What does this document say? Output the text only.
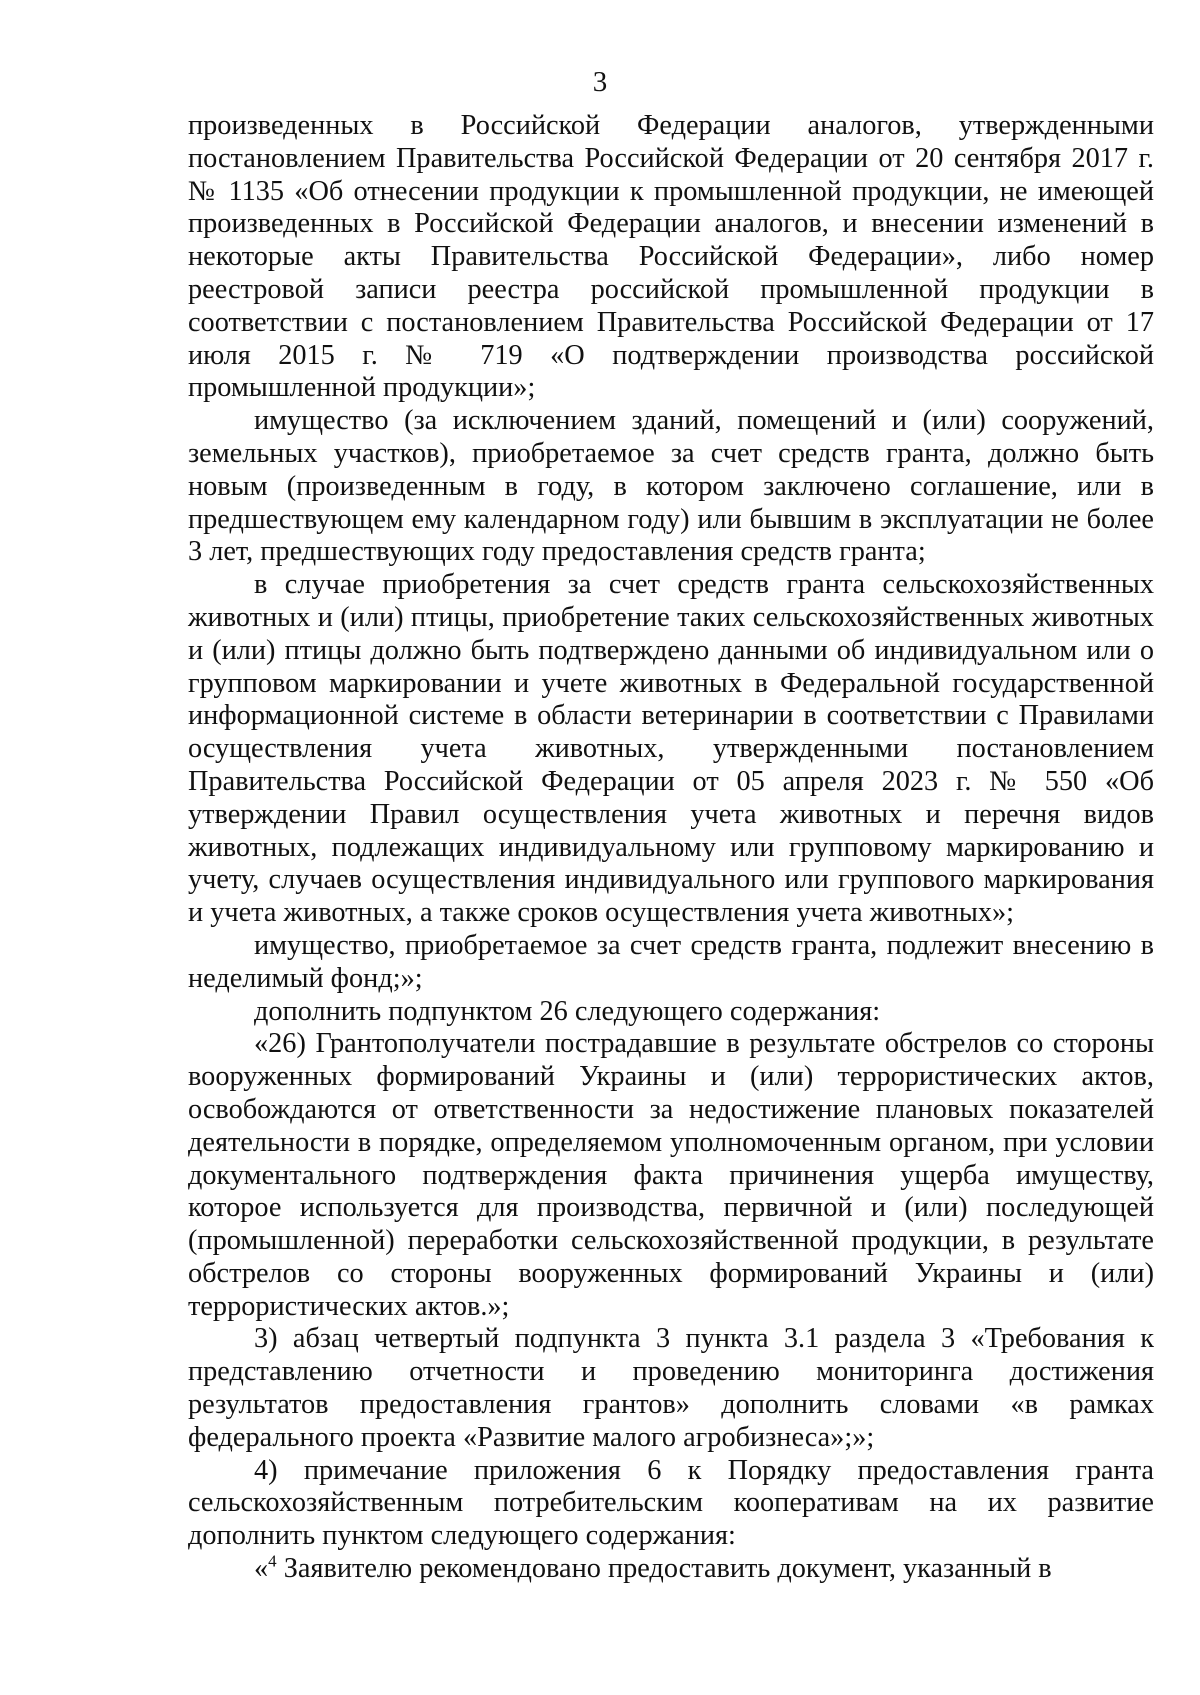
3

произведенных в Российской Федерации аналогов, утвержденными постановлением Правительства Российской Федерации от 20 сентября 2017 г. № 1135 «Об отнесении продукции к промышленной продукции, не имеющей произведенных в Российской Федерации аналогов, и внесении изменений в некоторые акты Правительства Российской Федерации», либо номер реестровой записи реестра российской промышленной продукции в соответствии с постановлением Правительства Российской Федерации от 17 июля 2015 г. № 719 «О подтверждении производства российской промышленной продукции»;

имущество (за исключением зданий, помещений и (или) сооружений, земельных участков), приобретаемое за счет средств гранта, должно быть новым (произведенным в году, в котором заключено соглашение, или в предшествующем ему календарном году) или бывшим в эксплуатации не более 3 лет, предшествующих году предоставления средств гранта;

в случае приобретения за счет средств гранта сельскохозяйственных животных и (или) птицы, приобретение таких сельскохозяйственных животных и (или) птицы должно быть подтверждено данными об индивидуальном или о групповом маркировании и учете животных в Федеральной государственной информационной системе в области ветеринарии в соответствии с Правилами осуществления учета животных, утвержденными постановлением Правительства Российской Федерации от 05 апреля 2023 г. № 550 «Об утверждении Правил осуществления учета животных и перечня видов животных, подлежащих индивидуальному или групповому маркированию и учету, случаев осуществления индивидуального или группового маркирования и учета животных, а также сроков осуществления учета животных»;

имущество, приобретаемое за счет средств гранта, подлежит внесению в неделимый фонд;»;

дополнить подпунктом 26 следующего содержания:

«26) Грантополучатели пострадавшие в результате обстрелов со стороны вооруженных формирований Украины и (или) террористических актов, освобождаются от ответственности за недостижение плановых показателей деятельности в порядке, определяемом уполномоченным органом, при условии документального подтверждения факта причинения ущерба имуществу, которое используется для производства, первичной и (или) последующей (промышленной) переработки сельскохозяйственной продукции, в результате обстрелов со стороны вооруженных формирований Украины и (или) террористических актов.»;

3) абзац четвертый подпункта 3 пункта 3.1 раздела 3 «Требования к представлению отчетности и проведению мониторинга достижения результатов предоставления грантов» дополнить словами «в рамках федерального проекта «Развитие малого агробизнеса»;»;

4) примечание приложения 6 к Порядку предоставления гранта сельскохозяйственным потребительским кооперативам на их развитие дополнить пунктом следующего содержания:

«$^4$ Заявителю рекомендовано предоставить документ, указанный в
